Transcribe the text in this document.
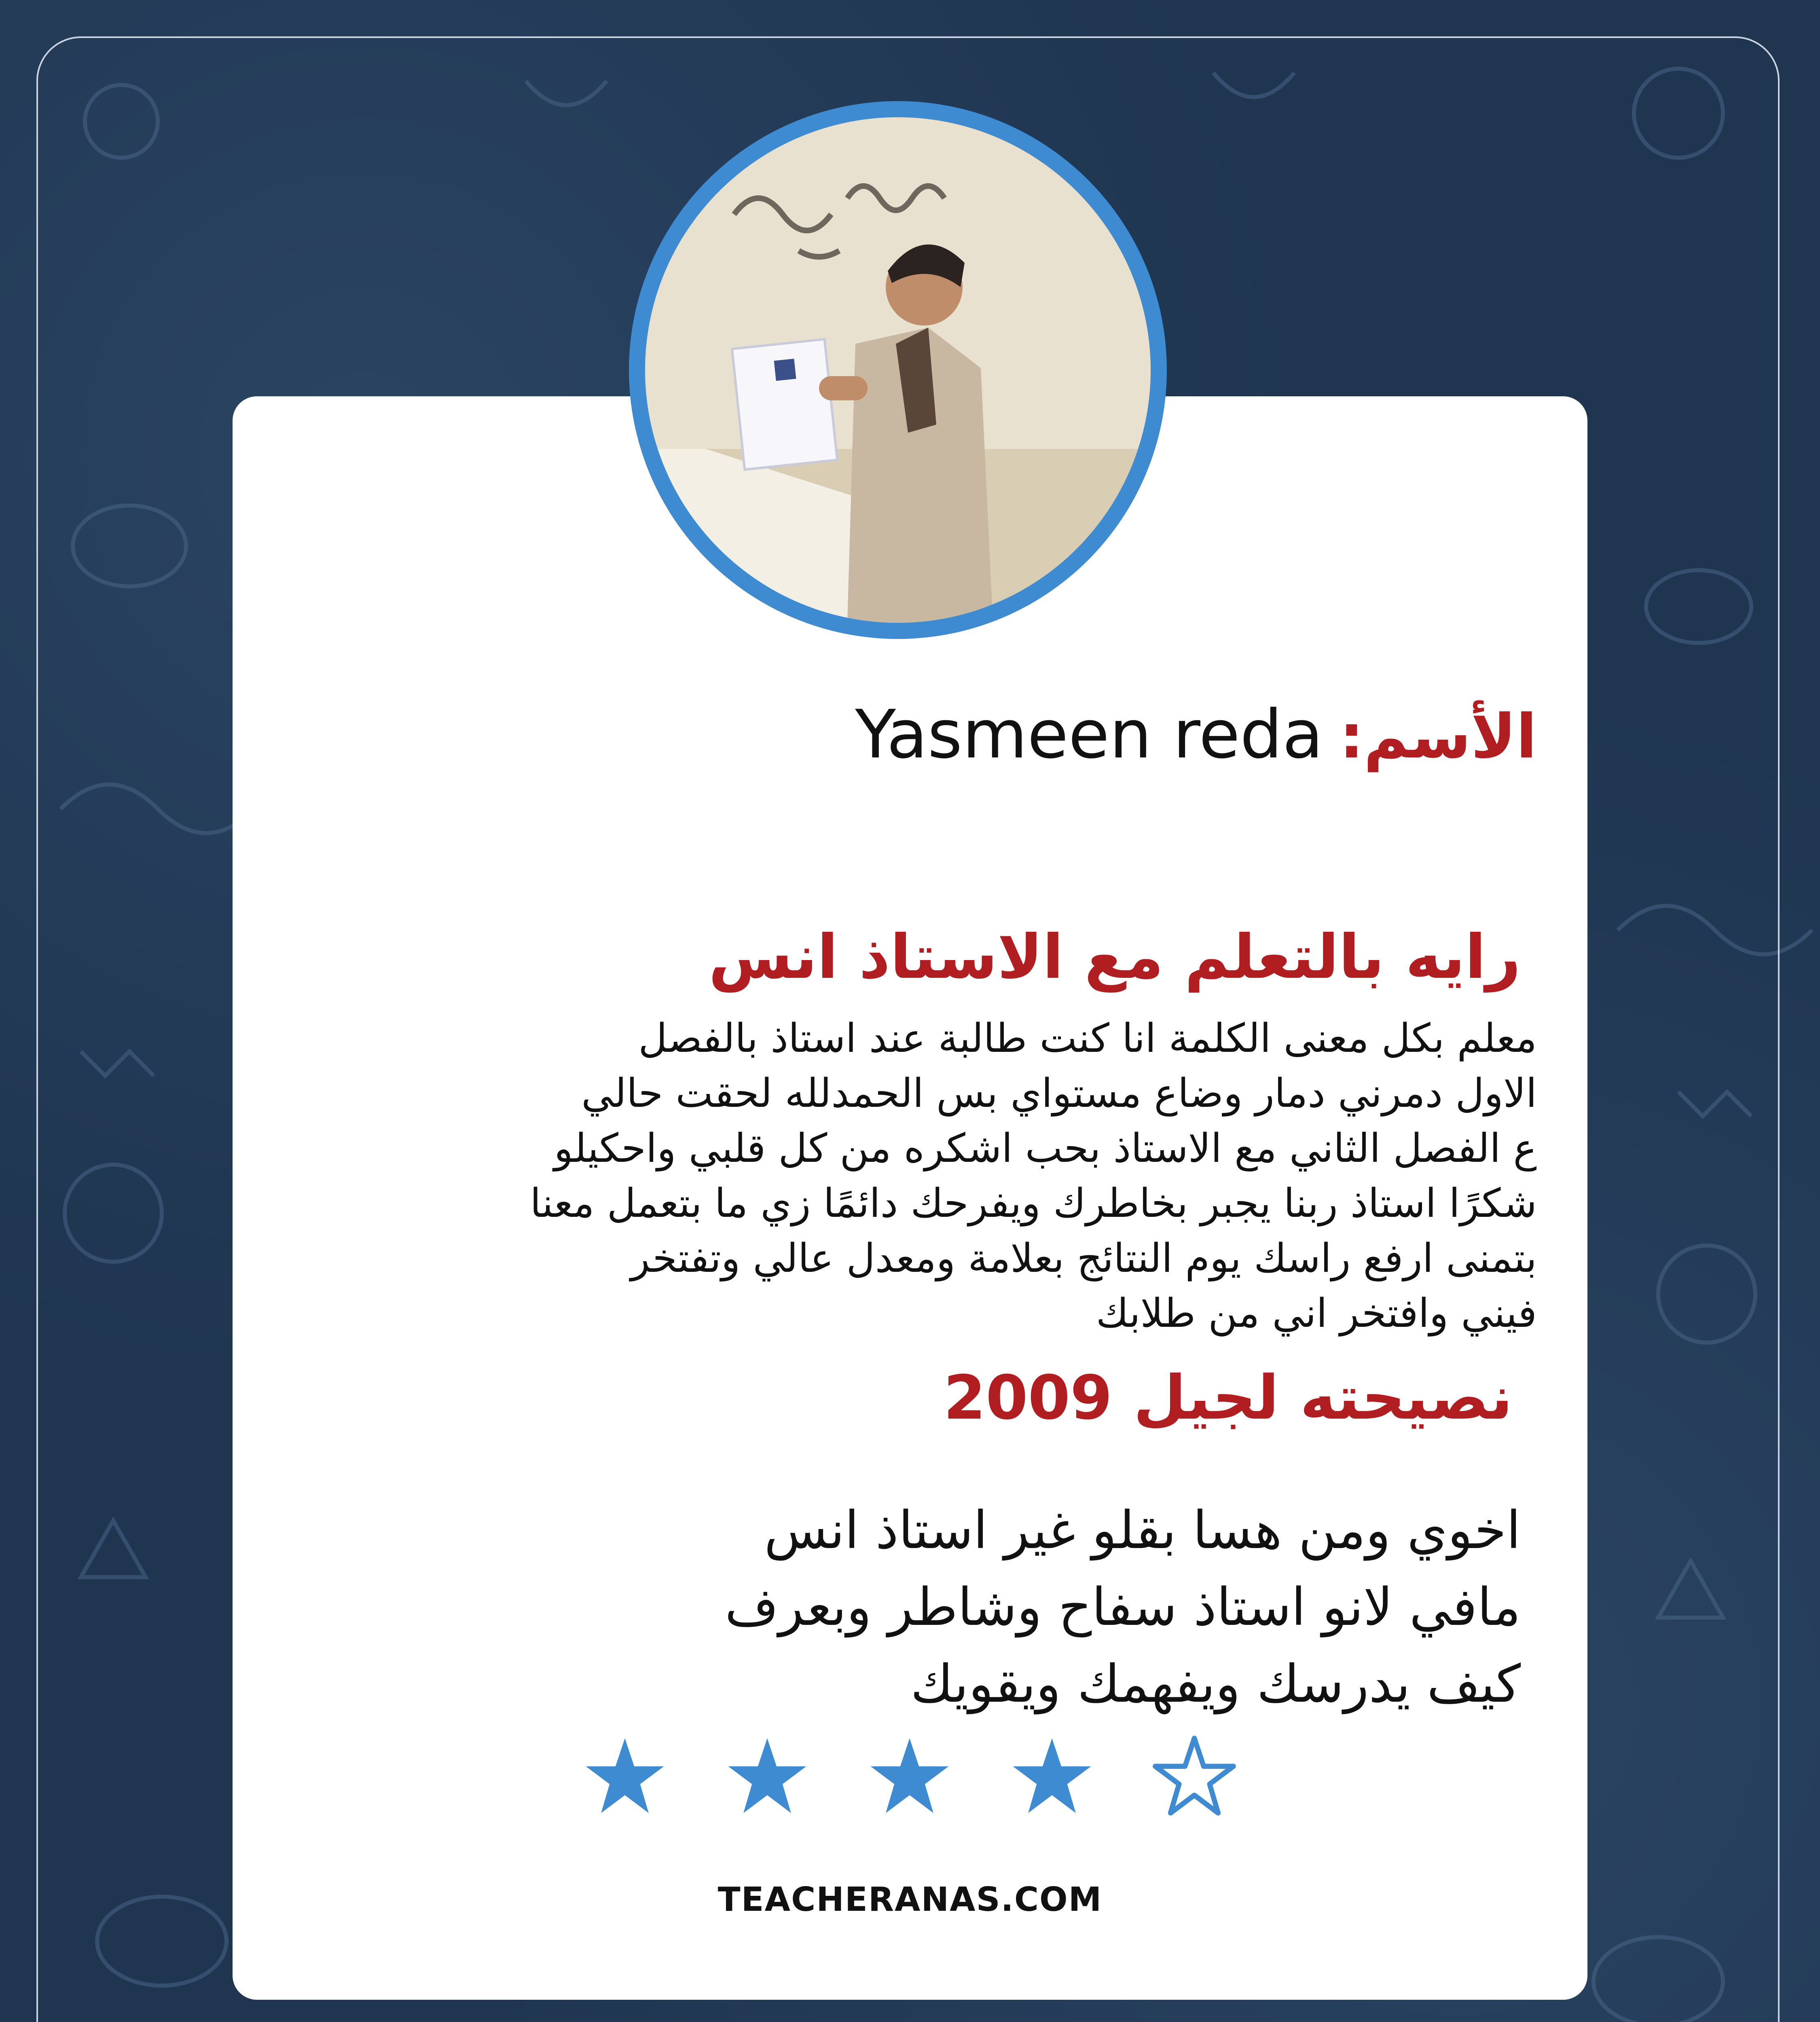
الأسم:
Yasmeen reda
رايه بالتعلم مع الاستاذ انس
معلم بكل معنى الكلمة انا كنت طالبة عند استاذ بالفصل
الاول دمرني دمار وضاع مستواي بس الحمدلله لحقت حالي
ع الفصل الثاني مع الاستاذ بحب اشكره من كل قلبي واحكيلو
شكرًا استاذ ربنا يجبر بخاطرك ويفرحك دائمًا زي ما بتعمل معنا
بتمنى ارفع راسك يوم النتائج بعلامة ومعدل عالي وتفتخر
فيني وافتخر اني من طلابك
نصيحته لجيل 2009
اخوي ومن هسا بقلو غير استاذ انس
مافي لانو استاذ سفاح وشاطر وبعرف
كيف يدرسك ويفهمك ويقويك
TEACHERANAS.COM
